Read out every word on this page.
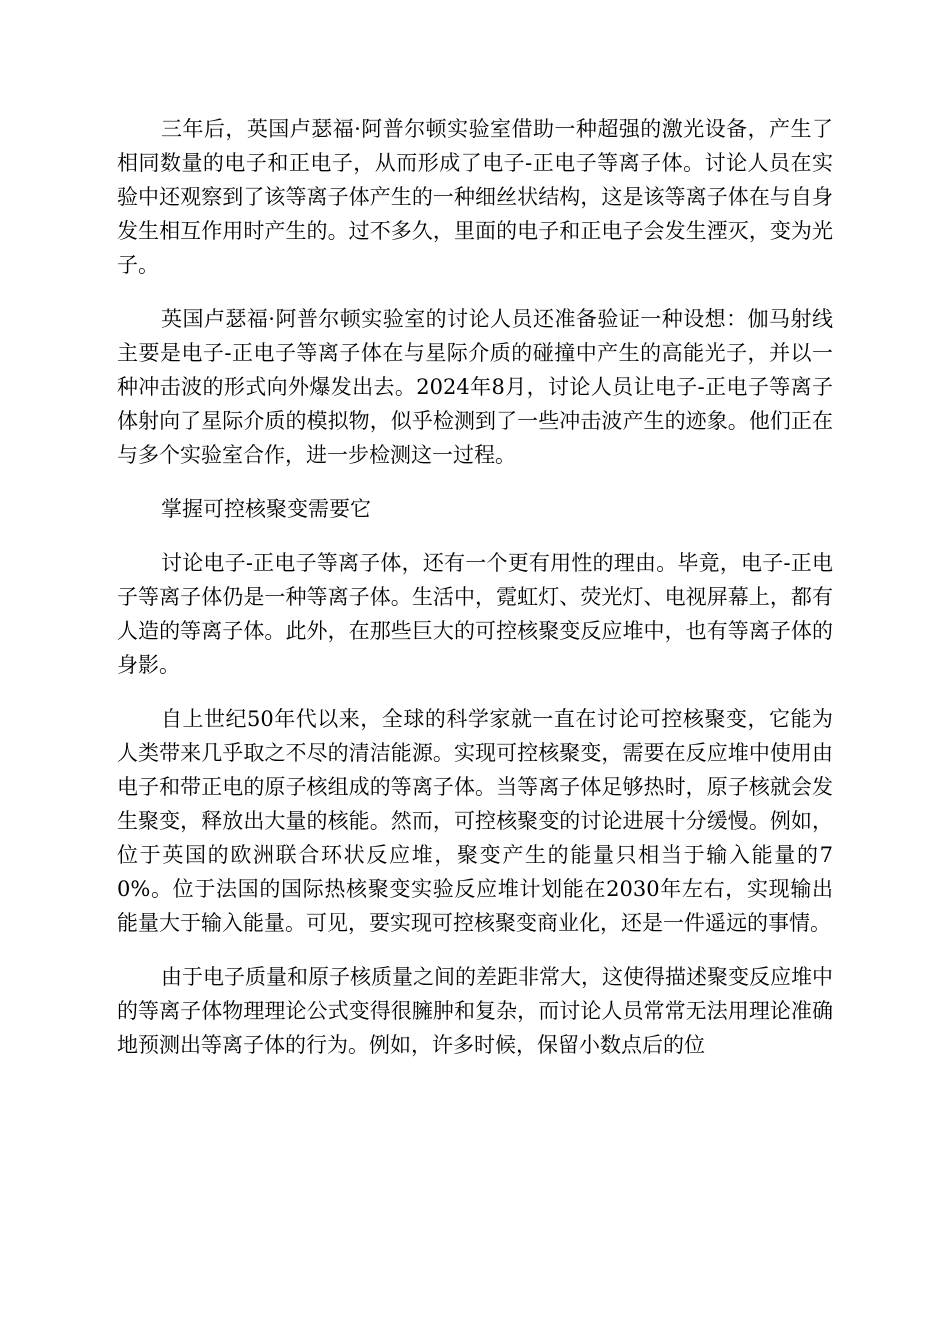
三年后，英国卢瑟福·阿普尔顿实验室借助一种超强的激光设备，产生了相同数量的电子和正电子，从而形成了电子-正电子等离子体。讨论人员在实验中还观察到了该等离子体产生的一种细丝状结构，这是该等离子体在与自身发生相互作用时产生的。过不多久，里面的电子和正电子会发生湮灭，变为光子。

英国卢瑟福·阿普尔顿实验室的讨论人员还准备验证一种设想：伽马射线主要是电子-正电子等离子体在与星际介质的碰撞中产生的高能光子，并以一种冲击波的形式向外爆发出去。2024年8月，讨论人员让电子-正电子等离子体射向了星际介质的模拟物，似乎检测到了一些冲击波产生的迹象。他们正在与多个实验室合作，进一步检测这一过程。

掌握可控核聚变需要它

讨论电子-正电子等离子体，还有一个更有用性的理由。毕竟，电子-正电子等离子体仍是一种等离子体。生活中，霓虹灯、荧光灯、电视屏幕上，都有人造的等离子体。此外，在那些巨大的可控核聚变反应堆中，也有等离子体的身影。

自上世纪50年代以来，全球的科学家就一直在讨论可控核聚变，它能为人类带来几乎取之不尽的清洁能源。实现可控核聚变，需要在反应堆中使用由电子和带正电的原子核组成的等离子体。当等离子体足够热时，原子核就会发生聚变，释放出大量的核能。然而，可控核聚变的讨论进展十分缓慢。例如，位于英国的欧洲联合环状反应堆，聚变产生的能量只相当于输入能量的70%。位于法国的国际热核聚变实验反应堆计划能在2030年左右，实现输出能量大于输入能量。可见，要实现可控核聚变商业化，还是一件遥远的事情。

由于电子质量和原子核质量之间的差距非常大，这使得描述聚变反应堆中的等离子体物理理论公式变得很臃肿和复杂，而讨论人员常常无法用理论准确地预测出等离子体的行为。例如，许多时候，保留小数点后的位
